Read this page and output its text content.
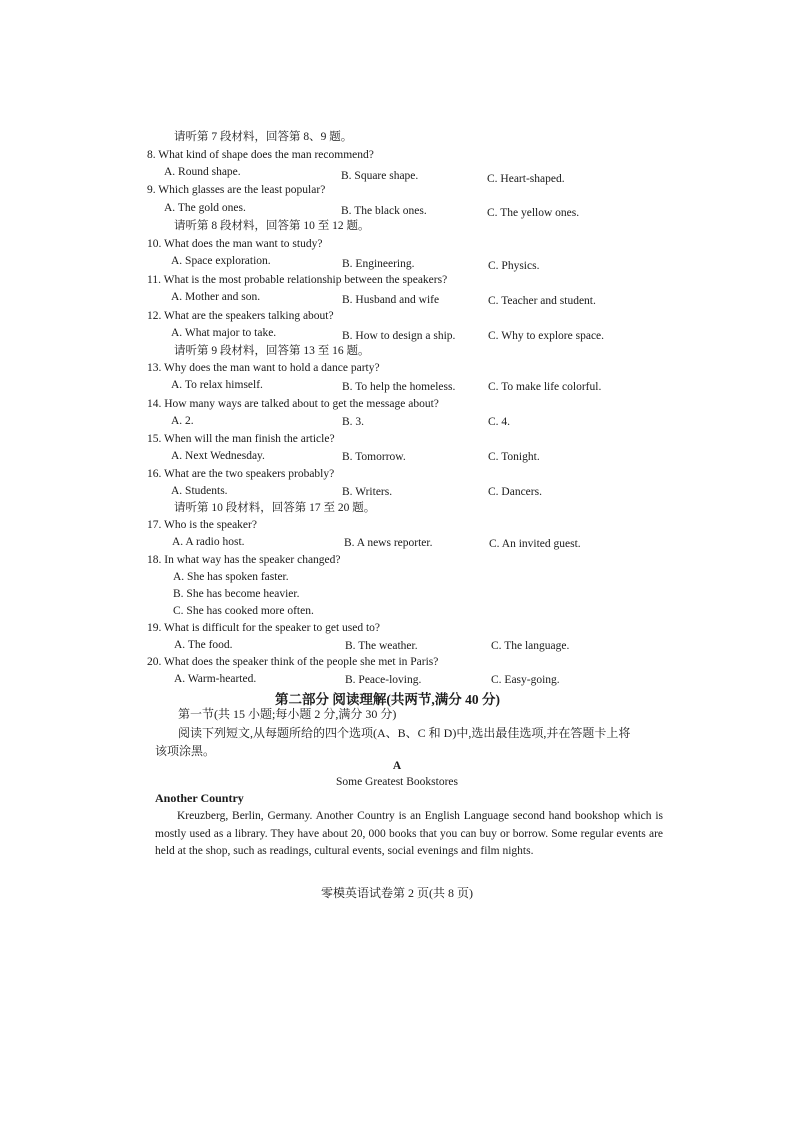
请听第 7 段材料，回答第 8、9 题。
8. What kind of shape does the man recommend?
A. Round shape.	B. Square shape.	C. Heart-shaped.
9. Which glasses are the least popular?
A. The gold ones.	B. The black ones.	C. The yellow ones.
请听第 8 段材料，回答第 10 至 12 题。
10. What does the man want to study?
A. Space exploration.	B. Engineering.	C. Physics.
11. What is the most probable relationship between the speakers?
A. Mother and son.	B. Husband and wife	C. Teacher and student.
12. What are the speakers talking about?
A. What major to take.	B. How to design a ship.	C. Why to explore space.
请听第 9 段材料，回答第 13 至 16 题。
13. Why does the man want to hold a dance party?
A. To relax himself.	B. To help the homeless.	C. To make life colorful.
14. How many ways are talked about to get the message about?
A. 2.	B. 3.	C. 4.
15. When will the man finish the article?
A. Next Wednesday.	B. Tomorrow.	C. Tonight.
16. What are the two speakers probably?
A. Students.	B. Writers.	C. Dancers.
请听第 10 段材料，回答第 17 至 20 题。
17. Who is the speaker?
A. A radio host.	B. A news reporter.	C. An invited guest.
18. In what way has the speaker changed?
A. She has spoken faster.
B. She has become heavier.
C. She has cooked more often.
19. What is difficult for the speaker to get used to?
A. The food.	B. The weather.	C. The language.
20. What does the speaker think of the people she met in Paris?
A. Warm-hearted.	B. Peace-loving.	C. Easy-going.
第二部分 阅读理解(共两节,满分 40 分)
第一节(共 15 小题;每小题 2 分,满分 30 分)
阅读下列短文,从每题所给的四个选项(A、B、C 和 D)中,选出最佳选项,并在答题卡上将
该项涂黑。
A
Some Greatest Bookstores
Another Country
Kreuzberg, Berlin, Germany. Another Country is an English Language second hand bookshop which is mostly used as a library. They have about 20, 000 books that you can buy or borrow. Some regular events are held at the shop, such as readings, cultural events, social evenings and film nights.
零模英语试卷第 2 页(共 8 页)
